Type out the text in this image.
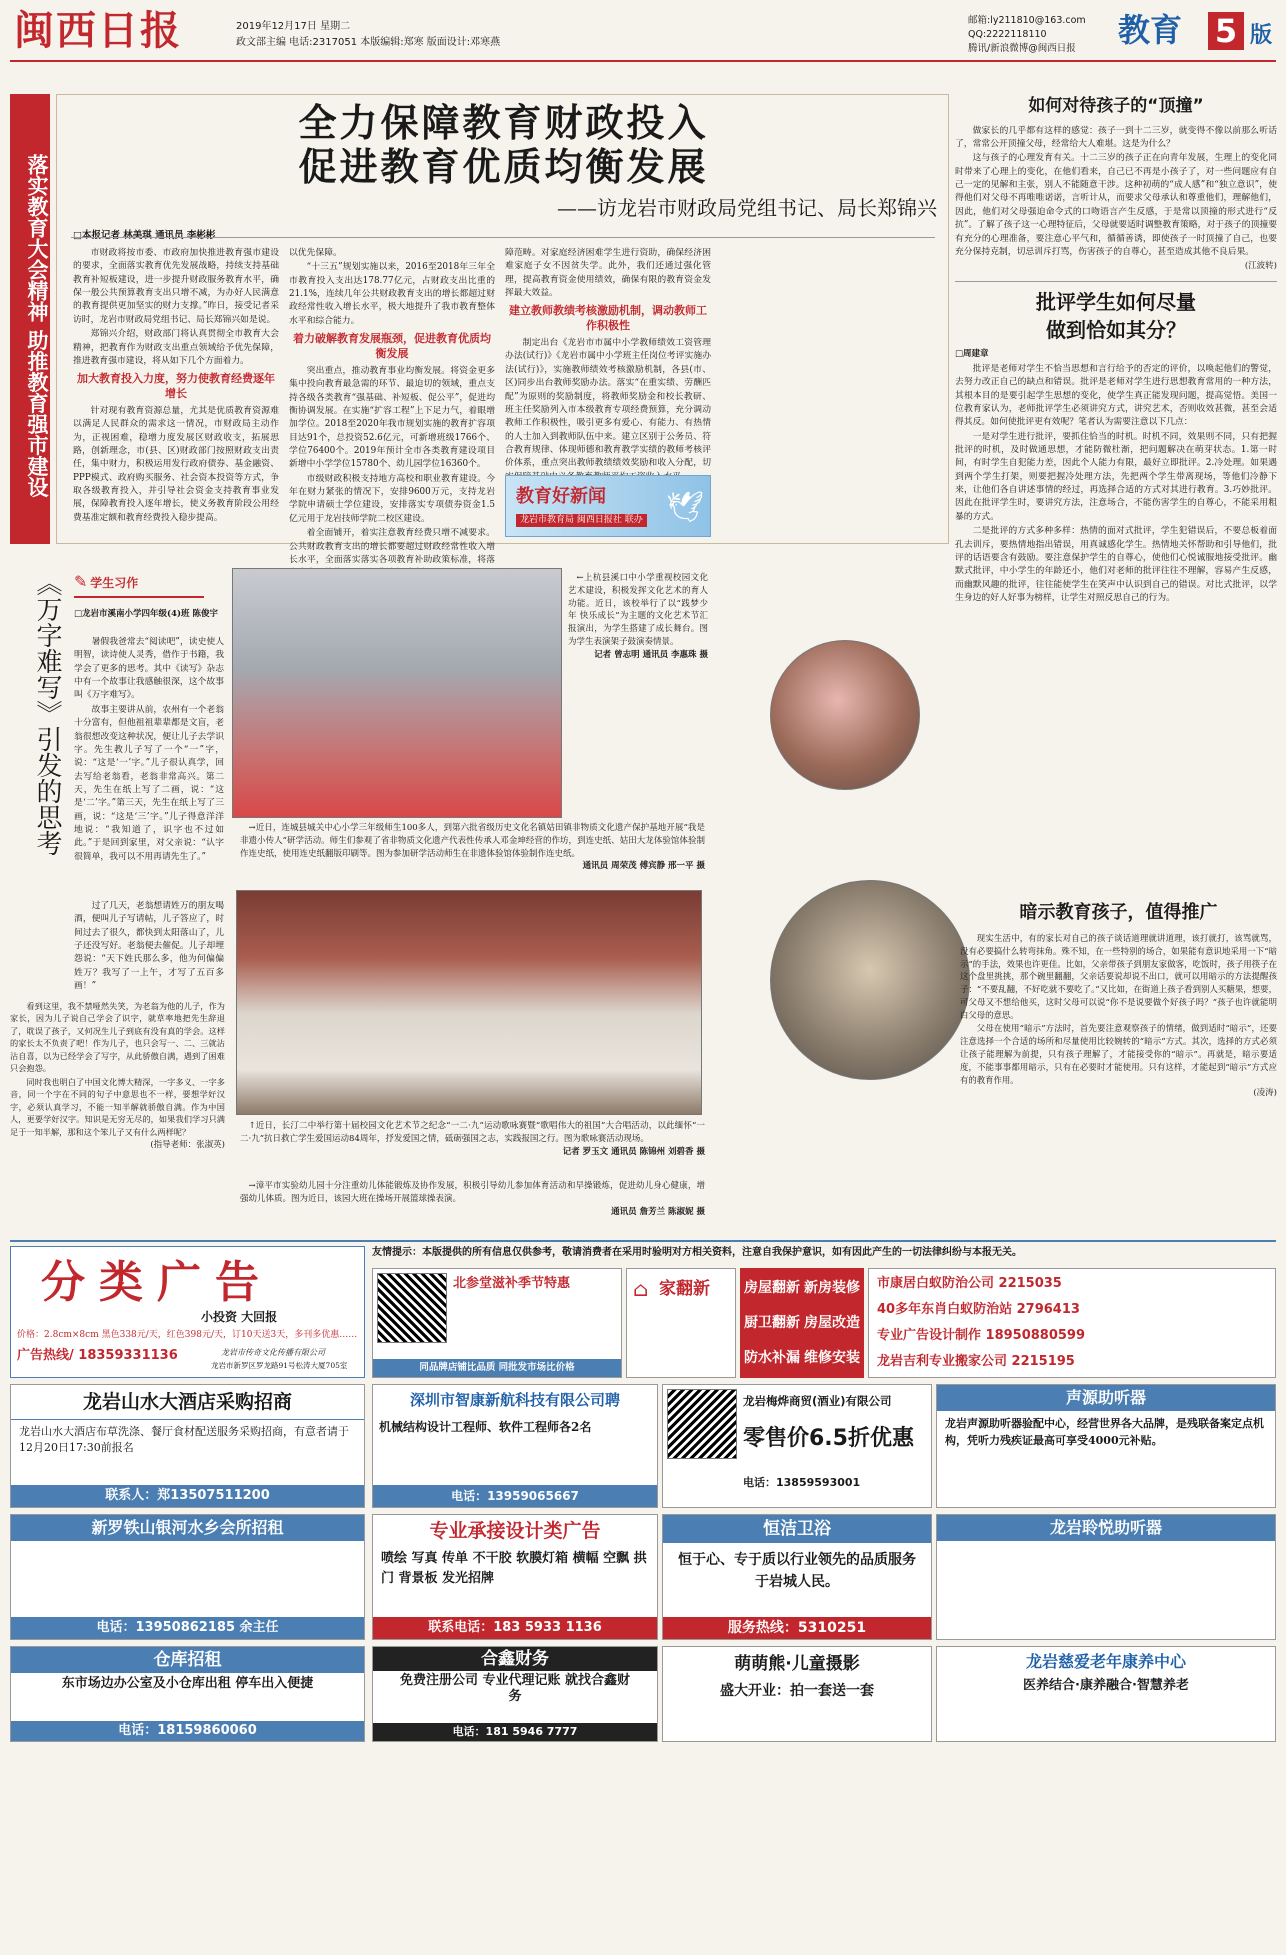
闽西日报	2019年12月17日 星期二
政文部主编 电话:2317051 本版编辑:郑寒 版面设计:邓寒燕
邮箱:ly211810@163.com
QQ:2222118110
腾讯/新浪微博@闽西日报 教育 5 版
落实教育大会精神 助推教育强市建设
全力保障教育财政投入
促进教育优质均衡发展
——访龙岩市财政局党组书记、局长郑锦兴
□本报记者 林美琪 通讯员 李彬彬

市财政将按市委、市政府加快推进教育强市建设的要求，全面落实教育优先发展战略，持续支持基础教育补短板建设，进一步提升财政服务教育水平，确保一般公共预算教育支出只增不减，为办好人民满意的教育提供更加坚实的财力支撑。”昨日，接受记者采访时，龙岩市财政局党组书记、局长郑锦兴如是说。

郑锦兴介绍，财政部门将认真贯彻全市教育大会精神，把教育作为财政支出重点领域给予优先保障，推进教育强市建设，将从如下几个方面着力。

加大教育投入力度，努力使教育经费逐年增长

针对现有教育资源总量，尤其是优质教育资源难以满足人民群众的需求这一情况，市财政局主动作为，正视困难，稳增力度发展区财政收支，拓展思路，创新理念，市(县、区)财政部门按照财政支出责任，集中财力，积极运用发行政府债券、基金融资、PPP模式、政府购买服务、社会资本投资等方式，争取各级教育投入，并引导社会资金支持教育事业发展，保障教育投入逐年增长，使义务教育阶段公用经费基准定额和教育经费投入稳步提高。

以优先保障。

“十三五”规划实施以来，2016至2018年三年全市教育投入支出达178.77亿元，占财政支出比重的21.1%，连续几年公共财政教育支出的增长都超过财政经常性收入增长水平，极大地提升了我市教育整体水平和综合能力。

着力破解教育发展瓶颈，促进教育优质均衡发展

突出重点，推动教育事业均衡发展。将资金更多集中投向教育最急需的环节、最迫切的领域，重点支持各级各类教育“强基础、补短板、促公平”，促进均衡协调发展。在实施“扩容工程”上下足力气，着眼增加学位。2018至2020年我市规划实施的教育扩容项目达91个，总投资52.6亿元，可新增班级1766个、学位76400个。2019年预计全市各类教育建设项目新增中小学学位15780个、幼儿园学位16360个。

市级财政积极支持地方高校和职业教育建设。今年在财力紧张的情况下，安排9600万元，支持龙岩学院申请硕士学位建设，安排落实专项债券资金1.5亿元用于龙岩技师学院二校区建设。

着全面铺开，着实注意教育经费只增不减要求。公共财政教育支出的增长都要超过财政经常性收入增长水平，全面落实落实各项教育补助政策标准，将落

障范畴。对家庭经济困难学生进行资助，确保经济困难家庭子女不因贫失学。此外，我们还通过强化管理，提高教育资金使用绩效，确保有限的教育资金发挥最大效益。

建立教师教绩考核激励机制，调动教师工作积极性

制定出台《龙岩市市属中小学教师绩效工资管理办法(试行)》《龙岩市属中小学班主任岗位考评实施办法(试行)》，实施教师绩效考核激励机制，各县(市、区)同步出台教师奖励办法。落实“在重实绩、劳酬匹配”为原则的奖励制度，将教师奖励金和校长教研、班主任奖励列入市本级教育专项经费预算，充分调动教师工作积极性，吸引更多有爱心、有能力、有热情的人士加入到教师队伍中来。建立区别于公务员、符合教育规律、体现师德和教育教学实绩的教师考核评价体系，重点突出教师教绩绩效奖励和收入分配，切

教育好新闻
龙岩市教育局 闽西日报社 联办 🕊
如何对待孩子的“顶撞”

做家长的几乎都有这样的感觉：孩子一到十二三岁，就变得不像以前那么听话了，常常公开顶撞父母，经常给大人难堪。这是为什么？

这与孩子的心理发育有关。十二三岁的孩子正在向青年发展，生理上的变化同时带来了心理上的变化，在他们看来，自己已不再是小孩子了，对一些问题应有自己一定的见解和主张，别人不能随意干涉。这种初萌的“成人感”和“独立意识”，使得他们对父母不再唯唯诺诺，言听计从，而要求父母承认和尊重他们，理解他们，因此，他们对父母强迫命令式的口吻语言产生反感，于是常以顶撞的形式进行“反抗”。了解了孩子这一心理特征后，父母就要适时调整教育策略，对于孩子的顶撞要有充分的心理准备，要注意心平气和，循循善诱，即使孩子一时顶撞了自己，也要充分保持克制，切忌训斥打骂，伤害孩子的自尊心，甚至造成其他不良后果。

(江波转)
批评学生如何尽量
做到恰如其分？
□周建章

批评是老师对学生不恰当思想和言行给予的否定的评价，以唤起他们的警觉，去努力改正自己的缺点和错误。批评是老师对学生进行思想教育常用的一种方法，其根本目的是要引起学生思想的变化，使学生真正能发现问题，提高觉悟。美国一位教育家认为，老师批评学生必须讲究方式，讲究艺术，否则收效甚微，甚至会适得其反。如何使批评更有效呢？笔者认为需要注意以下几点：

一是对学生进行批评，要抓住恰当的时机。时机不同，效果则不同，只有把握批评的时机，及时做通思想，才能防微杜渐，把问题解决在萌芽状态。1.第一时间，有时学生自犯能力差，因此个人能力有限，最好立即批评。2.冷处理。如果遇到两个学生打架，则要把握冷处理方法，先把两个学生带离现场，等他们冷静下来，让他们各自讲述事情的经过，再选择合适的方式对其进行教育。3.巧妙批评。因此在批评学生时，要讲究方法，注意场合，不能伤害学生的自尊心，不能采用粗暴的方式。

二是批评的方式多种多样：热情的面对式批评，学生犯错误后，不要总板着面孔去训斥，要热情地指出错误，用真诚感化学生。热情地关怀帮助和引导他们，批评的话语要含有鼓励。要注意保护学生的自尊心，使他们心悦诚服地接受批评。幽默式批评，中小学生的年龄还小，他们对老师的批评往往不理解，容易产生反感，而幽默风趣的批评，往往能使学生在笑声中认识到自己的错误。对比式批评，以学生身边的好人好事为榜样，让学生对照反思自己的行为。

暗示教育孩子，值得推广

现实生活中，有的家长对自己的孩子谈话道理就讲道理，该打就打，该骂就骂，没有必要搞什么转弯抹角。殊不知，在一些特别的场合，如果能有意识地采用一下“暗示”的手法，效果也许更佳。比如，父亲带孩子到朋友家做客，吃饭时，孩子用筷子在这个盘里挑挑，那个碗里翻翻，父亲话要说却说不出口，就可以用暗示的方法提醒孩子：“不要乱翻，不好吃就不要吃了。”又比如，在街道上孩子看到别人买糖果，想要，可父母又不想给他买，这时父母可以说“你不是说要做个好孩子吗？”孩子也许就能明白父母的意思。

父母在使用“暗示”方法时，首先要注意观察孩子的情绪，做到适时“暗示”，还要注意选择一个合适的场所和尽量使用比较婉转的“暗示”方式。其次，选择的方式必须让孩子能理解为前提，只有孩子理解了，才能接受你的“暗示”。再就是，暗示要适度，不能事事都用暗示，只有在必要时才能使用。只有这样，才能起到“暗示”方式应有的教育作用。

(凌涛)
《万字难写》引发的思考 ✎ 学生习作
□龙岩市溪南小学四年级(4)班 陈俊宇

暑假我爸常去“阅读吧”，读史使人明智，读诗使人灵秀，借作于书籍，我学会了更多的思考。其中《读写》杂志中有一个故事让我感触很深，这个故事叫《万字难写》。

故事主要讲从前，农州有一个老翁十分富有，但他祖祖辈辈都是文盲，老翁很想改变这种状况，便让儿子去学识字。先生教儿子写了一个“一”字，说：“这是‘一’字。”儿子很认真学，回去写给老翁看，老翁非常高兴。第二天，先生在纸上写了二画，说：“这是‘二’字。”第三天，先生在纸上写了三画，说：“这是‘三’字。”儿子得意洋洋地说：“我知道了，识字也不过如此。”于是回到家里，对父亲说：“认字很简单，我可以不用再请先生了。”

←上杭县溪口中小学重视校园文化艺术建设，积极发挥文化艺术的育人功能。近日，该校举行了以“践梦少年 快乐成长”为主题的文化艺术节汇报演出，为学生搭建了成长舞台。图为学生表演架子鼓演奏情景。
记者 曾志明 通讯员 李惠珠 摄
→近日，连城县城关中心小学三年级师生100多人，到第六批省级历史文化名镇姑田镇非物质文化遗产保护基地开展“我是非遗小传人”研学活动。师生们参观了省非物质文化遗产代表性传承人邓金坤经营的作坊，到连史纸、姑田大龙体验馆体验制作连史纸，使用连史纸翻版印刷等。图为参加研学活动师生在非遗体验馆体验制作连史纸。
通讯员 周荣茂 傅宾静 邢一平 摄
↑近日，长汀二中举行第十届校园文化艺术节之纪念“一二·九”运动歌咏赛暨“歌唱伟大的祖国”大合唱活动，以此缅怀“一二·九”抗日救亡学生爱国运动84周年，抒发爱国之情，砥砺强国之志，实践报国之行。图为歌咏赛活动现场。
记者 罗玉文 通讯员 陈锦州 刘碧香 摄
→漳平市实验幼儿园十分注重幼儿体能锻炼及协作发展，积极引导幼儿参加体育活动和早操锻炼，促进幼儿身心健康，增强幼儿体质。图为近日，该园大班在操场开展篮球操表演。
通讯员 詹芳兰 陈淑妮 摄

过了几天，老翁想请姓万的朋友喝酒，便叫儿子写请帖，儿子答应了，时间过去了很久，都快到太阳落山了，儿子还没写好。老翁便去催促。儿子却埋怨说：“天下姓氏那么多，他为何偏偏姓万？我写了一上午，才写了五百多画！”

看到这里，我不禁哑然失笑，为老翁为他的儿子，作为家长，因为儿子说自己学会了识字，就草率地把先生辞退了，耽误了孩子，又何况生儿子到底有没有真的学会。这样的家长太不负责了吧！作为儿子，也只会写一、二、三就沾沾自喜，以为已经学会了写字，从此骄傲自满，遇到了困难只会抱怨。

同时我也明白了中国文化博大精深，一字多义、一字多音，同一个字在不同的句子中意思也不一样，要想学好汉字，必须认真学习，不能一知半解就骄傲自满。作为中国人，更要学好汉字。知识是无穷无尽的，如果我们学习只满足于一知半解，那和这个笨儿子又有什么两样呢？

(指导老师：张淑英)
分类广告
小投资 大回报
价格：2.8cm×8cm 黑色338元/天，红色398元/天，订10天送3天，多刊多优惠……
广告热线/ 18359331136	龙岩市传奇文化传播有限公司
龙岩市新罗区罗龙路91号松涛大厦705室
友情提示：本版提供的所有信息仅供参考，敬请消费者在采用时验明对方相关资料，注意自我保护意识，如有因此产生的一切法律纠纷与本报无关。
北参堂滋补季节特惠
同品牌店铺比品质 同批发市场比价格
⌂ 家翻新 房屋翻新 新房装修
厨卫翻新 房屋改造
防水补漏 维修安装
市康居白蚁防治公司 2215035
40多年东肖白蚁防治站 2796413
专业广告设计制作 18950880599
龙岩吉利专业搬家公司 2215195
龙岩山水大酒店采购招商
龙岩山水大酒店布草洗涤、餐厅食材配送服务采购招商，有意者请于12月20日17:30前报名
联系人：郑13507511200
深圳市智康新航科技有限公司聘
机械结构设计工程师、软件工程师各2名
电话：13959065667
龙岩梅烨商贸(酒业)有限公司
零售价6.5折优惠
电话：13859593001
声源助听器
龙岩声源助听器验配中心，经营世界各大品牌，是残联备案定点机构，凭听力残疾证最高可享受4000元补贴。
新罗铁山银河水乡会所招租
电话：13950862185 余主任
专业承接设计类广告
喷绘 写真 传单 不干胶 软膜灯箱 横幅 空飘 拱门 背景板 发光招牌
联系电话：183 5933 1136
恒洁卫浴
恒于心、专于质以行业领先的品质服务于岩城人民。
服务热线：5310251
龙岩聆悦助听器
仓库招租
东市场边办公室及小仓库出租 停车出入便捷
电话：18159860060
合鑫财务
免费注册公司 专业代理记账 就找合鑫财务
电话：181 5946 7777
萌萌熊·儿童摄影
盛大开业：拍一套送一套
龙岩慈爱老年康养中心
医养结合·康养融合·智慧养老
